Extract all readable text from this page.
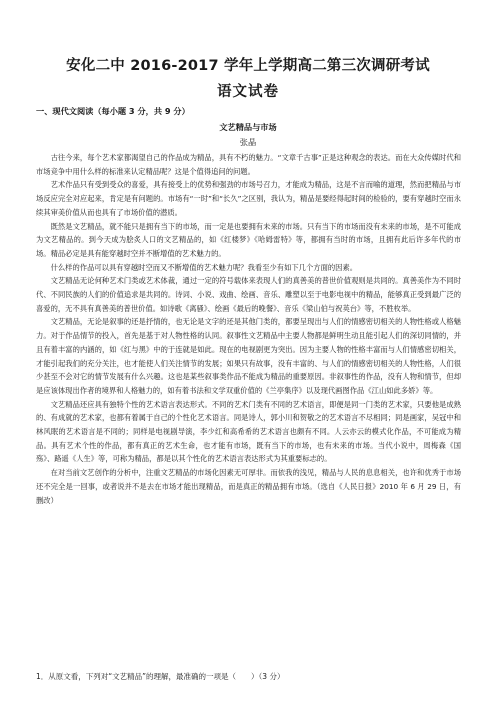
安化二中 2016-2017 学年上学期高二第三次调研考试
语文试卷
一、现代文阅读（每小题 3 分，共 9 分）
文艺精品与市场
张晶

古往今来，每个艺术家都渴望自己的作品成为精品，具有不朽的魅力。“文章千古事”正是这种观念的表达。而在大众传媒时代和市场竞争中用什么样的标准来认定精品呢？这是个值得追问的问题。

艺术作品只有受到受众的喜爱，具有接受上的优势和强劲的市场号召力，才能成为精品，这是不言而喻的道理，然而把精品与市场反应完全对应起来，肯定是有问题的。市场有“一时”和“长久”之区别，我认为，精品是要经得起时间的检验的，要有穿越时空而永续其审美价值从而也具有了市场价值的潜质。

既然是文艺精品，就不能只是拥有当下的市场，而一定是也要拥有未来的市场。只有当下的市场而没有未来的市场，是不可能成为文艺精品的。到今天成为脍炙人口的文艺精品的，如《红楼梦》《哈姆雷特》等，都拥有当时的市场，且拥有此后许多年代的市场。精品必定是具有能穿越时空并不断增值的艺术魅力的。

什么样的作品可以具有穿越时空而又不断增值的艺术魅力呢？我看至少有如下几个方面的因素。

文艺精品无论何种艺术门类或艺术体裁，通过一定的符号载体来表现人们的真善美的普世价值观则是共同的。真善美作为不同时代、不同民族的人们的价值追求是共同的。诗词、小说、戏曲、绘画、音乐、雕塑以至于电影电视中的精品，能够真正受到最广泛的喜爱的，无不具有真善美的普世价值。如诗歌《离骚》、绘画《最后的晚餐》、音乐《梁山伯与祝英台》等，不胜枚举。

文艺精品，无论是叙事的还是抒情的，也无论是文字的还是其他门类的，都要呈现出与人们的情感密切相关的人物性格或人格魅力。对于作品情节的投入，首先是基于对人物性格的认同。叙事性文艺精品中主要人物都是鲜明生动且能引起人们的深切同情的，并且有着丰富的内涵的，如《红与黑》中的于连就是如此。现在的电视剧更为突出。因为主要人物的性格丰富而与人们情感密切相关，才能引起我们的充分关注，也才能使人们关注情节的发展；如果只有故事，没有丰富的、与人们的情感密切相关的人物性格，人们很少甚至不会对它的情节发展有什么兴趣。这也是某些叙事类作品不能成为精品的重要原因。非叙事性的作品，没有人物和情节，但却是应该体现出作者的境界和人格魅力的，如有着书法和文学双重价值的《兰亭集序》以及现代画图作品《江山如此多娇》等。

文艺精品还应具有独特个性的艺术语言表达形式。不同的艺术门类有不同的艺术语言，即便是同一门类的艺术家，只要他是成熟的、有成就的艺术家，也都有着属于自己的个性化艺术语言。同是诗人，郭小川和贺敬之的艺术语言不尽相同；同是画家，吴冠中和林风眠的艺术语言是不同的；同样是电视剧导演，李少红和高希希的艺术语言也颇有不同。人云亦云的模式化作品，不可能成为精品。具有艺术个性的作品，都有真正的艺术生命，也才能有市场，既有当下的市场，也有未来的市场。当代小说中，周梅森《国殇》、路遥《人生》等，可称为精品，都是以其个性化的艺术语言表达形式为其重要标志的。

在对当前文艺创作的分析中，注重文艺精品的市场化因素无可厚非。而依我的浅见，精品与人民的息息相关，也许和优秀于市场还不完全是一回事，或者说并不是去在市场才能出现精品，而是真正的精品拥有市场。（选自《人民日报》2010 年 6 月 29 日，有删改）

1．从原文看，下列对“文艺精品”的理解，最准确的一项是（　　）（3 分）
